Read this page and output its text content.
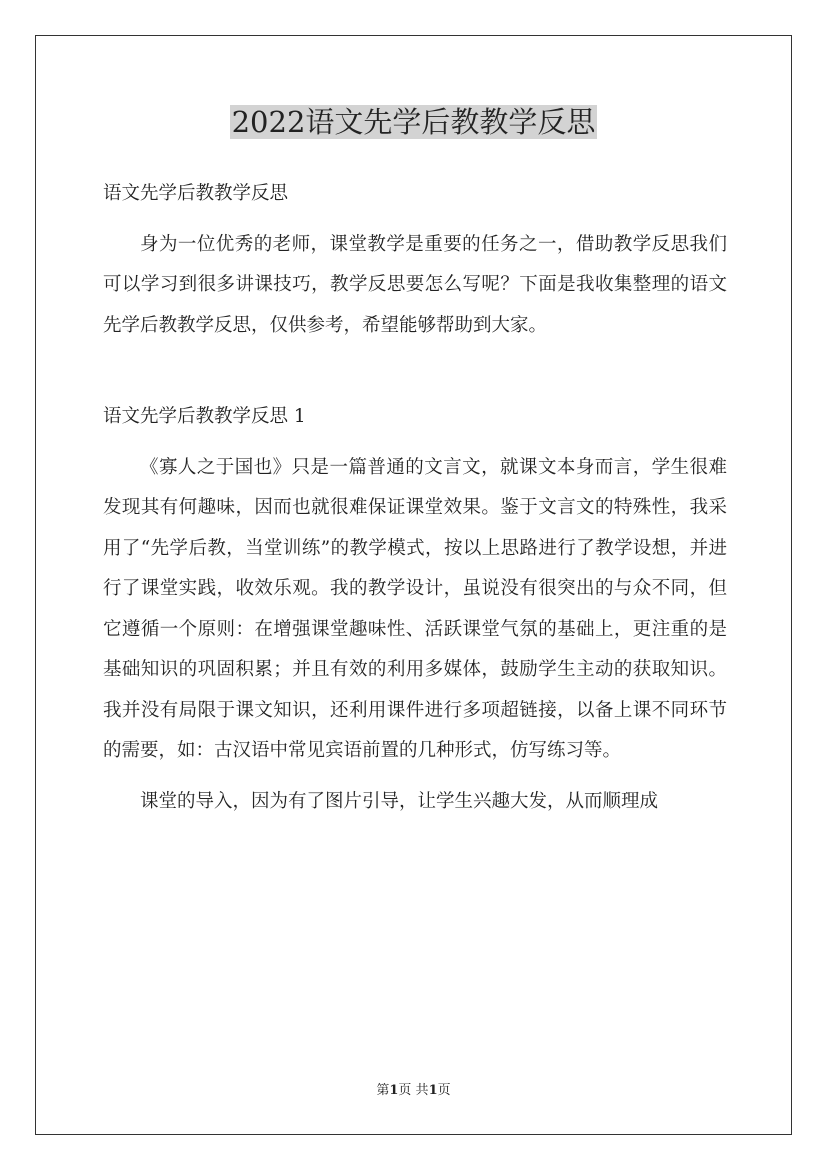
2022语文先学后教教学反思

语文先学后教教学反思

身为一位优秀的老师，课堂教学是重要的任务之一，借助教学反思我们可以学习到很多讲课技巧，教学反思要怎么写呢？下面是我收集整理的语文先学后教教学反思，仅供参考，希望能够帮助到大家。

语文先学后教教学反思 1

《寡人之于国也》只是一篇普通的文言文，就课文本身而言，学生很难发现其有何趣味，因而也就很难保证课堂效果。鉴于文言文的特殊性，我采用了“先学后教，当堂训练”的教学模式，按以上思路进行了教学设想，并进行了课堂实践，收效乐观。我的教学设计，虽说没有很突出的与众不同，但它遵循一个原则：在增强课堂趣味性、活跃课堂气氛的基础上，更注重的是基础知识的巩固积累；并且有效的利用多媒体，鼓励学生主动的获取知识。我并没有局限于课文知识，还利用课件进行多项超链接，以备上课不同环节的需要，如：古汉语中常见宾语前置的几种形式，仿写练习等。

课堂的导入，因为有了图片引导，让学生兴趣大发，从而顺理成

第1页 共1页
